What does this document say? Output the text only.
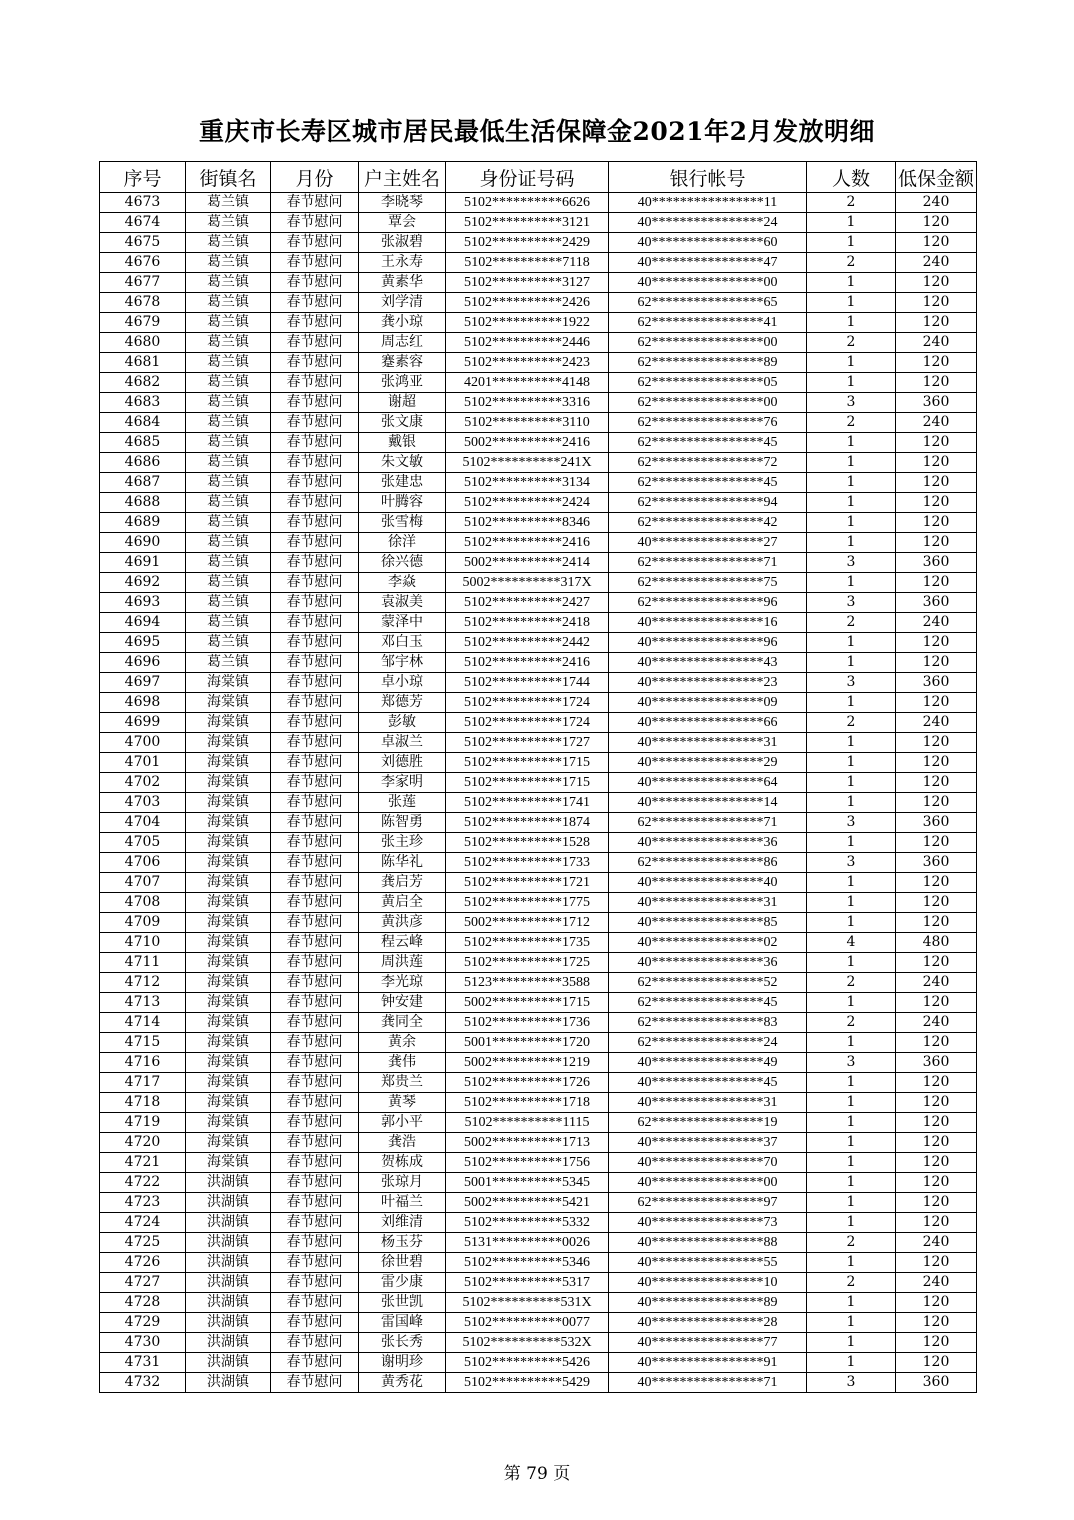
重庆市长寿区城市居民最低生活保障金2021年2月发放明细
序号	街镇名	月份	户主姓名	身份证号码	银行帐号	人数	低保金额
4673	葛兰镇	春节慰问	李晓琴	5102**********6626	40****************11	2	240
4674	葛兰镇	春节慰问	覃会	5102**********3121	40****************24	1	120
4675	葛兰镇	春节慰问	张淑碧	5102**********2429	40****************60	1	120
4676	葛兰镇	春节慰问	王永寿	5102**********7118	40****************47	2	240
4677	葛兰镇	春节慰问	黄素华	5102**********3127	40****************00	1	120
4678	葛兰镇	春节慰问	刘学清	5102**********2426	62****************65	1	120
4679	葛兰镇	春节慰问	龚小琼	5102**********1922	62****************41	1	120
4680	葛兰镇	春节慰问	周志红	5102**********2446	62****************00	2	240
4681	葛兰镇	春节慰问	蹇素容	5102**********2423	62****************89	1	120
4682	葛兰镇	春节慰问	张鸿亚	4201**********4148	62****************05	1	120
4683	葛兰镇	春节慰问	谢超	5102**********3316	62****************00	3	360
4684	葛兰镇	春节慰问	张文康	5102**********3110	62****************76	2	240
4685	葛兰镇	春节慰问	戴银	5002**********2416	62****************45	1	120
4686	葛兰镇	春节慰问	朱文敏	5102**********241X	62****************72	1	120
4687	葛兰镇	春节慰问	张建忠	5102**********3134	62****************45	1	120
4688	葛兰镇	春节慰问	叶腾容	5102**********2424	62****************94	1	120
4689	葛兰镇	春节慰问	张雪梅	5102**********8346	62****************42	1	120
4690	葛兰镇	春节慰问	徐洋	5102**********2416	40****************27	1	120
4691	葛兰镇	春节慰问	徐兴德	5002**********2414	62****************71	3	360
4692	葛兰镇	春节慰问	李焱	5002**********317X	62****************75	1	120
4693	葛兰镇	春节慰问	袁淑美	5102**********2427	62****************96	3	360
4694	葛兰镇	春节慰问	蒙泽中	5102**********2418	40****************16	2	240
4695	葛兰镇	春节慰问	邓白玉	5102**********2442	40****************96	1	120
4696	葛兰镇	春节慰问	邹宇林	5102**********2416	40****************43	1	120
4697	海棠镇	春节慰问	卓小琼	5102**********1744	40****************23	3	360
4698	海棠镇	春节慰问	郑德芳	5102**********1724	40****************09	1	120
4699	海棠镇	春节慰问	彭敏	5102**********1724	40****************66	2	240
4700	海棠镇	春节慰问	卓淑兰	5102**********1727	40****************31	1	120
4701	海棠镇	春节慰问	刘德胜	5102**********1715	40****************29	1	120
4702	海棠镇	春节慰问	李家明	5102**********1715	40****************64	1	120
4703	海棠镇	春节慰问	张莲	5102**********1741	40****************14	1	120
4704	海棠镇	春节慰问	陈智勇	5102**********1874	62****************71	3	360
4705	海棠镇	春节慰问	张主珍	5102**********1528	40****************36	1	120
4706	海棠镇	春节慰问	陈华礼	5102**********1733	62****************86	3	360
4707	海棠镇	春节慰问	龚启芳	5102**********1721	40****************40	1	120
4708	海棠镇	春节慰问	黄启全	5102**********1775	40****************31	1	120
4709	海棠镇	春节慰问	黄洪彦	5002**********1712	40****************85	1	120
4710	海棠镇	春节慰问	程云峰	5102**********1735	40****************02	4	480
4711	海棠镇	春节慰问	周洪莲	5102**********1725	40****************36	1	120
4712	海棠镇	春节慰问	李光琼	5123**********3588	62****************52	2	240
4713	海棠镇	春节慰问	钟安建	5002**********1715	62****************45	1	120
4714	海棠镇	春节慰问	龚同全	5102**********1736	62****************83	2	240
4715	海棠镇	春节慰问	黄余	5001**********1720	62****************24	1	120
4716	海棠镇	春节慰问	龚伟	5002**********1219	40****************49	3	360
4717	海棠镇	春节慰问	郑贵兰	5102**********1726	40****************45	1	120
4718	海棠镇	春节慰问	黄琴	5102**********1718	40****************31	1	120
4719	海棠镇	春节慰问	郭小平	5102**********1115	62****************19	1	120
4720	海棠镇	春节慰问	龚浩	5002**********1713	40****************37	1	120
4721	海棠镇	春节慰问	贺栋成	5102**********1756	40****************70	1	120
4722	洪湖镇	春节慰问	张琼月	5001**********5345	40****************00	1	120
4723	洪湖镇	春节慰问	叶福兰	5002**********5421	62****************97	1	120
4724	洪湖镇	春节慰问	刘维清	5102**********5332	40****************73	1	120
4725	洪湖镇	春节慰问	杨玉芬	5131**********0026	40****************88	2	240
4726	洪湖镇	春节慰问	徐世碧	5102**********5346	40****************55	1	120
4727	洪湖镇	春节慰问	雷少康	5102**********5317	40****************10	2	240
4728	洪湖镇	春节慰问	张世凯	5102**********531X	40****************89	1	120
4729	洪湖镇	春节慰问	雷国峰	5102**********0077	40****************28	1	120
4730	洪湖镇	春节慰问	张长秀	5102**********532X	40****************77	1	120
4731	洪湖镇	春节慰问	谢明珍	5102**********5426	40****************91	1	120
4732	洪湖镇	春节慰问	黄秀花	5102**********5429	40****************71	3	360
第 79 页
